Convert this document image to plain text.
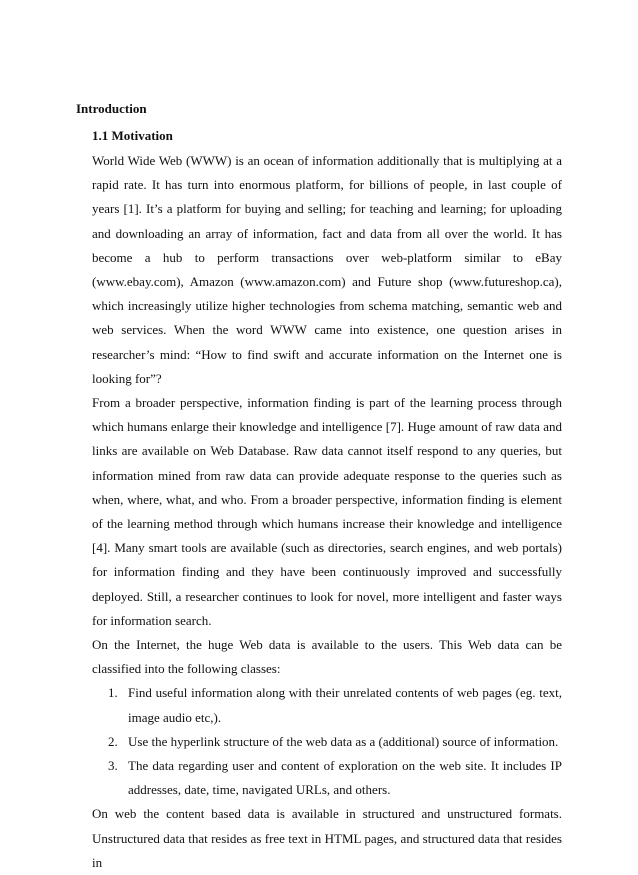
Introduction
1.1 Motivation

World Wide Web (WWW) is an ocean of information additionally that is multiplying at a rapid rate. It has turn into enormous platform, for billions of people, in last couple of years [1]. It’s a platform for buying and selling; for teaching and learning; for uploading and downloading an array of information, fact and data from all over the world. It has become a hub to perform transactions over web-platform similar to eBay (www.ebay.com), Amazon (www.amazon.com) and Future shop (www.futureshop.ca), which increasingly utilize higher technologies from schema matching, semantic web and web services. When the word WWW came into existence, one question arises in researcher’s mind: “How to find swift and accurate information on the Internet one is looking for”?

From a broader perspective, information finding is part of the learning process through which humans enlarge their knowledge and intelligence [7]. Huge amount of raw data and links are available on Web Database. Raw data cannot itself respond to any queries, but information mined from raw data can provide adequate response to the queries such as when, where, what, and who. From a broader perspective, information finding is element of the learning method through which humans increase their knowledge and intelligence [4]. Many smart tools are available (such as directories, search engines, and web portals) for information finding and they have been continuously improved and successfully deployed. Still, a researcher continues to look for novel, more intelligent and faster ways for information search.

On the Internet, the huge Web data is available to the users. This Web data can be classified into the following classes:

1. Find useful information along with their unrelated contents of web pages (eg. text, image audio etc,).
2. Use the hyperlink structure of the web data as a (additional) source of information.
3. The data regarding user and content of exploration on the web site. It includes IP addresses, date, time, navigated URLs, and others.

On web the content based data is available in structured and unstructured formats. Unstructured data that resides as free text in HTML pages, and structured data that resides in
